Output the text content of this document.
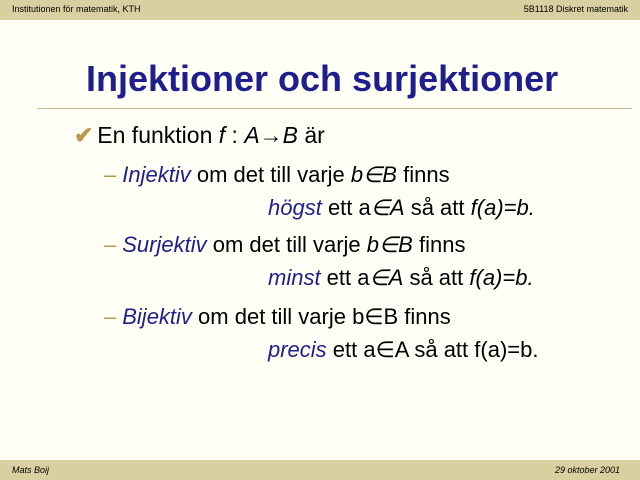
Institutionen för matematik, KTH	5B1118 Diskret matematik
Injektioner och surjektioner
✔ En funktion f : A→B är
– Injektiv om det till varje b∈B finns
högst ett a∈A så att f(a)=b.
– Surjektiv om det till varje b∈B finns
minst ett a∈A så att f(a)=b.
– Bijektiv om det till varje b∈B finns
precis ett a∈A så att f(a)=b.
Mats Boij	29 oktober 2001
